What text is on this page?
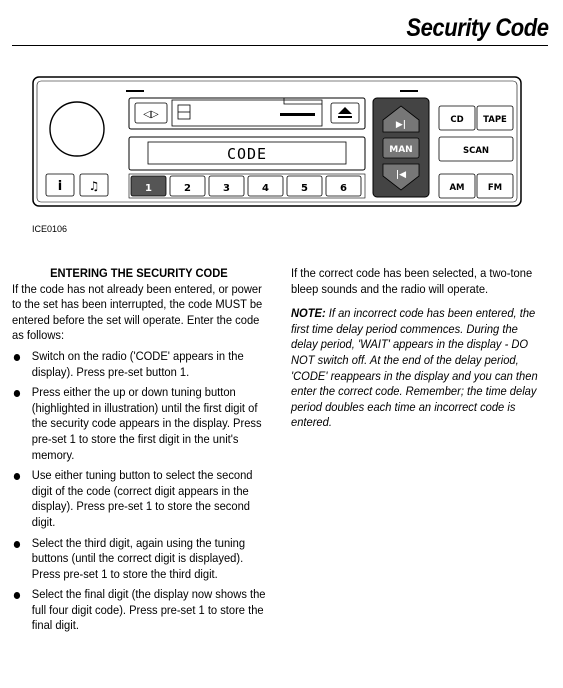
Security Code
◁▷
CODE
i ♫	1	2	3	4	5	6
▶|
MAN
|◀
CD TAPE
SCAN
AM	FM
ICE0106
ENTERING THE SECURITY CODE
If the code has not already been entered, or power to the set has been interrupted, the code MUST be entered before the set will operate. Enter the code as follows:
Switch on the radio ('CODE' appears in the display). Press pre-set button 1.
Press either the up or down tuning button (highlighted in illustration) until the first digit of the security code appears in the display. Press pre-set 1 to store the first digit in the unit's memory.
Use either tuning button to select the second digit of the code (correct digit appears in the display). Press pre-set 1 to store the second digit.
Select the third digit, again using the tuning buttons (until the correct digit is displayed). Press pre-set 1 to store the third digit.
Select the final digit (the display now shows the full four digit code). Press pre-set 1 to store the final digit.
If the correct code has been selected, a two-tone bleep sounds and the radio will operate.
NOTE: If an incorrect code has been entered, the first time delay period commences. During the delay period, 'WAIT' appears in the display - DO NOT switch off. At the end of the delay period, 'CODE' reappears in the display and you can then enter the correct code. Remember; the time delay period doubles each time an incorrect code is entered.
